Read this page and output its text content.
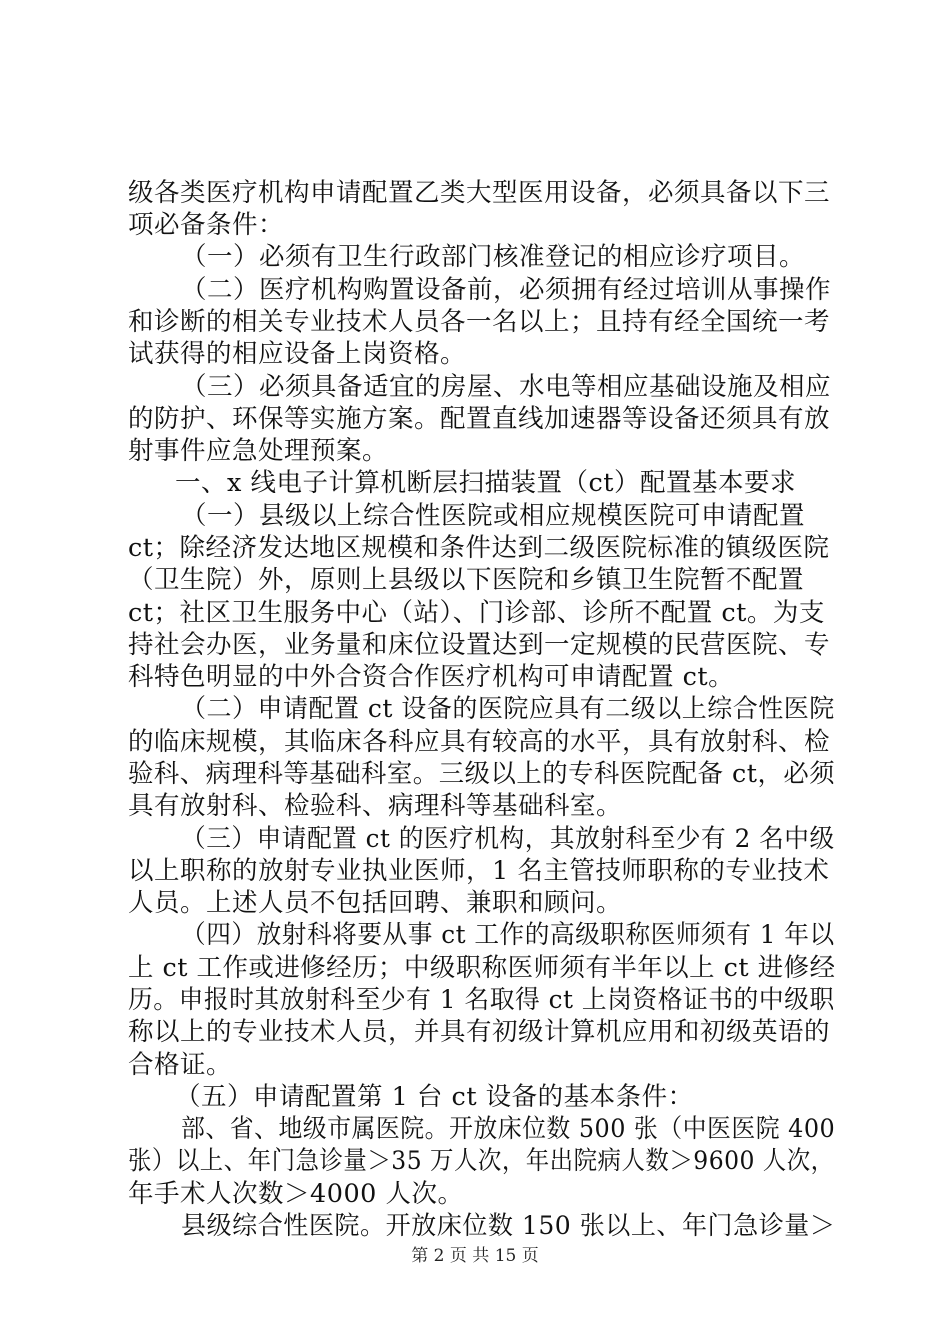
级各类医疗机构申请配置乙类大型医用设备，必须具备以下三
项必备条件：
（一）必须有卫生行政部门核准登记的相应诊疗项目。
（二）医疗机构购置设备前，必须拥有经过培训从事操作
和诊断的相关专业技术人员各一名以上；且持有经全国统一考
试获得的相应设备上岗资格。
（三）必须具备适宜的房屋、水电等相应基础设施及相应
的防护、环保等实施方案。配置直线加速器等设备还须具有放
射事件应急处理预案。
一、x 线电子计算机断层扫描装置（ct）配置基本要求
（一）县级以上综合性医院或相应规模医院可申请配置
ct；除经济发达地区规模和条件达到二级医院标准的镇级医院
（卫生院）外，原则上县级以下医院和乡镇卫生院暂不配置
ct；社区卫生服务中心（站）、门诊部、诊所不配置 ct。为支
持社会办医，业务量和床位设置达到一定规模的民营医院、专
科特色明显的中外合资合作医疗机构可申请配置 ct。
（二）申请配置 ct 设备的医院应具有二级以上综合性医院
的临床规模，其临床各科应具有较高的水平，具有放射科、检
验科、病理科等基础科室。三级以上的专科医院配备 ct，必须
具有放射科、检验科、病理科等基础科室。
（三）申请配置 ct 的医疗机构，其放射科至少有 2 名中级
以上职称的放射专业执业医师，1 名主管技师职称的专业技术
人员。上述人员不包括回聘、兼职和顾问。
（四）放射科将要从事 ct 工作的高级职称医师须有 1 年以
上 ct 工作或进修经历；中级职称医师须有半年以上 ct 进修经
历。申报时其放射科至少有 1 名取得 ct 上岗资格证书的中级职
称以上的专业技术人员，并具有初级计算机应用和初级英语的
合格证。
（五）申请配置第 1 台 ct 设备的基本条件：
部、省、地级市属医院。开放床位数 500 张（中医医院 400
张）以上、年门急诊量＞35 万人次，年出院病人数＞9600 人次，
年手术人次数＞4000 人次。
县级综合性医院。开放床位数 150 张以上、年门急诊量＞
第 2 页 共 15 页
